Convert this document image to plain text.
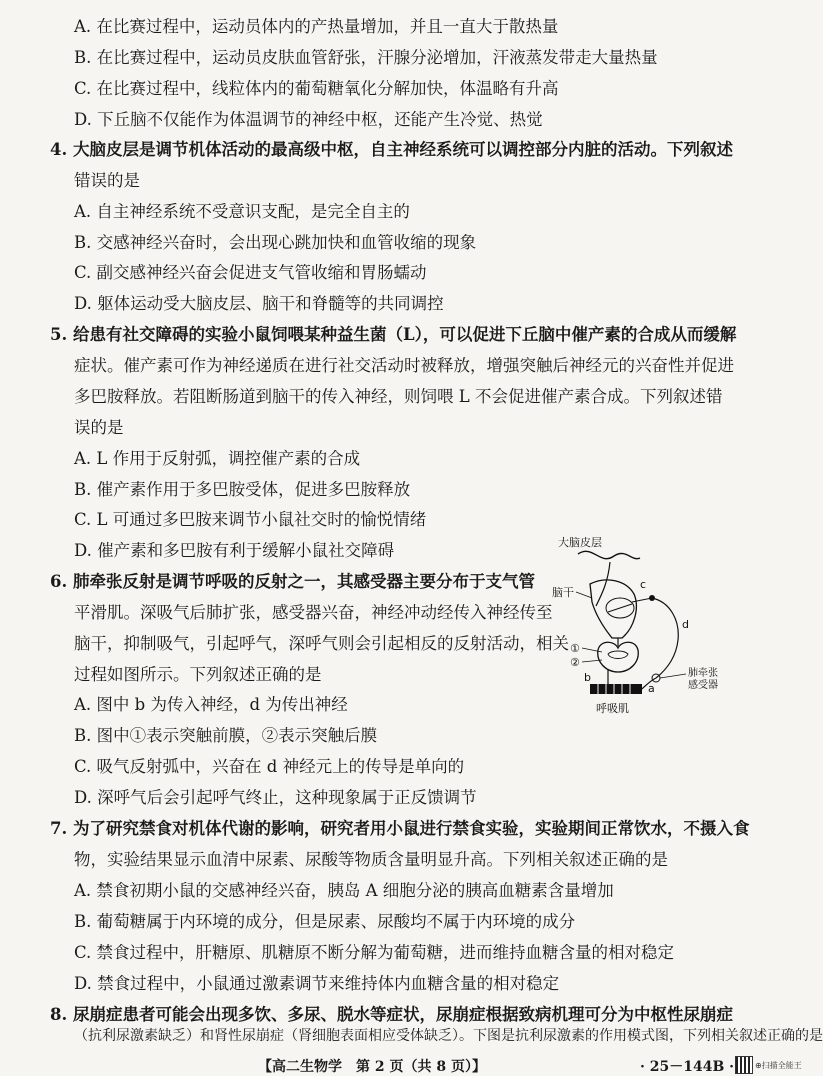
A. 在比赛过程中，运动员体内的产热量增加，并且一直大于散热量
B. 在比赛过程中，运动员皮肤血管舒张，汗腺分泌增加，汗液蒸发带走大量热量
C. 在比赛过程中，线粒体内的葡萄糖氧化分解加快，体温略有升高
D. 下丘脑不仅能作为体温调节的神经中枢，还能产生冷觉、热觉
4. 大脑皮层是调节机体活动的最高级中枢，自主神经系统可以调控部分内脏的活动。下列叙述
错误的是
A. 自主神经系统不受意识支配，是完全自主的
B. 交感神经兴奋时，会出现心跳加快和血管收缩的现象
C. 副交感神经兴奋会促进支气管收缩和胃肠蠕动
D. 躯体运动受大脑皮层、脑干和脊髓等的共同调控
5. 给患有社交障碍的实验小鼠饲喂某种益生菌（L），可以促进下丘脑中催产素的合成从而缓解
症状。催产素可作为神经递质在进行社交活动时被释放，增强突触后神经元的兴奋性并促进
多巴胺释放。若阻断肠道到脑干的传入神经，则饲喂 L 不会促进催产素合成。下列叙述错
误的是
A. L 作用于反射弧，调控催产素的合成
B. 催产素作用于多巴胺受体，促进多巴胺释放
C. L 可通过多巴胺来调节小鼠社交时的愉悦情绪
D. 催产素和多巴胺有利于缓解小鼠社交障碍
6. 肺牵张反射是调节呼吸的反射之一，其感受器主要分布于支气管
平滑肌。深吸气后肺扩张，感受器兴奋，神经冲动经传入神经传至
脑干，抑制吸气，引起呼气，深呼气则会引起相反的反射活动，相关
过程如图所示。下列叙述正确的是
A. 图中 b 为传入神经，d 为传出神经
B. 图中①表示突触前膜，②表示突触后膜
C. 吸气反射弧中，兴奋在 d 神经元上的传导是单向的
D. 深呼气后会引起呼气终止，这种现象属于正反馈调节
大脑皮层
脑干
c
d
①
②
b
a
肺牵张
感受器
呼吸肌
7. 为了研究禁食对机体代谢的影响，研究者用小鼠进行禁食实验，实验期间正常饮水，不摄入食
物，实验结果显示血清中尿素、尿酸等物质含量明显升高。下列相关叙述正确的是
A. 禁食初期小鼠的交感神经兴奋，胰岛 A 细胞分泌的胰高血糖素含量增加
B. 葡萄糖属于内环境的成分，但是尿素、尿酸均不属于内环境的成分
C. 禁食过程中，肝糖原、肌糖原不断分解为葡萄糖，进而维持血糖含量的相对稳定
D. 禁食过程中，小鼠通过激素调节来维持体内血糖含量的相对稳定
8. 尿崩症患者可能会出现多饮、多尿、脱水等症状，尿崩症根据致病机理可分为中枢性尿崩症
（抗利尿激素缺乏）和肾性尿崩症（肾细胞表面相应受体缺乏）。下图是抗利尿激素的作用模式图，下列相关叙述正确的是
【高二生物学　第 2 页（共 8 页）】	· 25－144B ·	⊕扫描全能王
